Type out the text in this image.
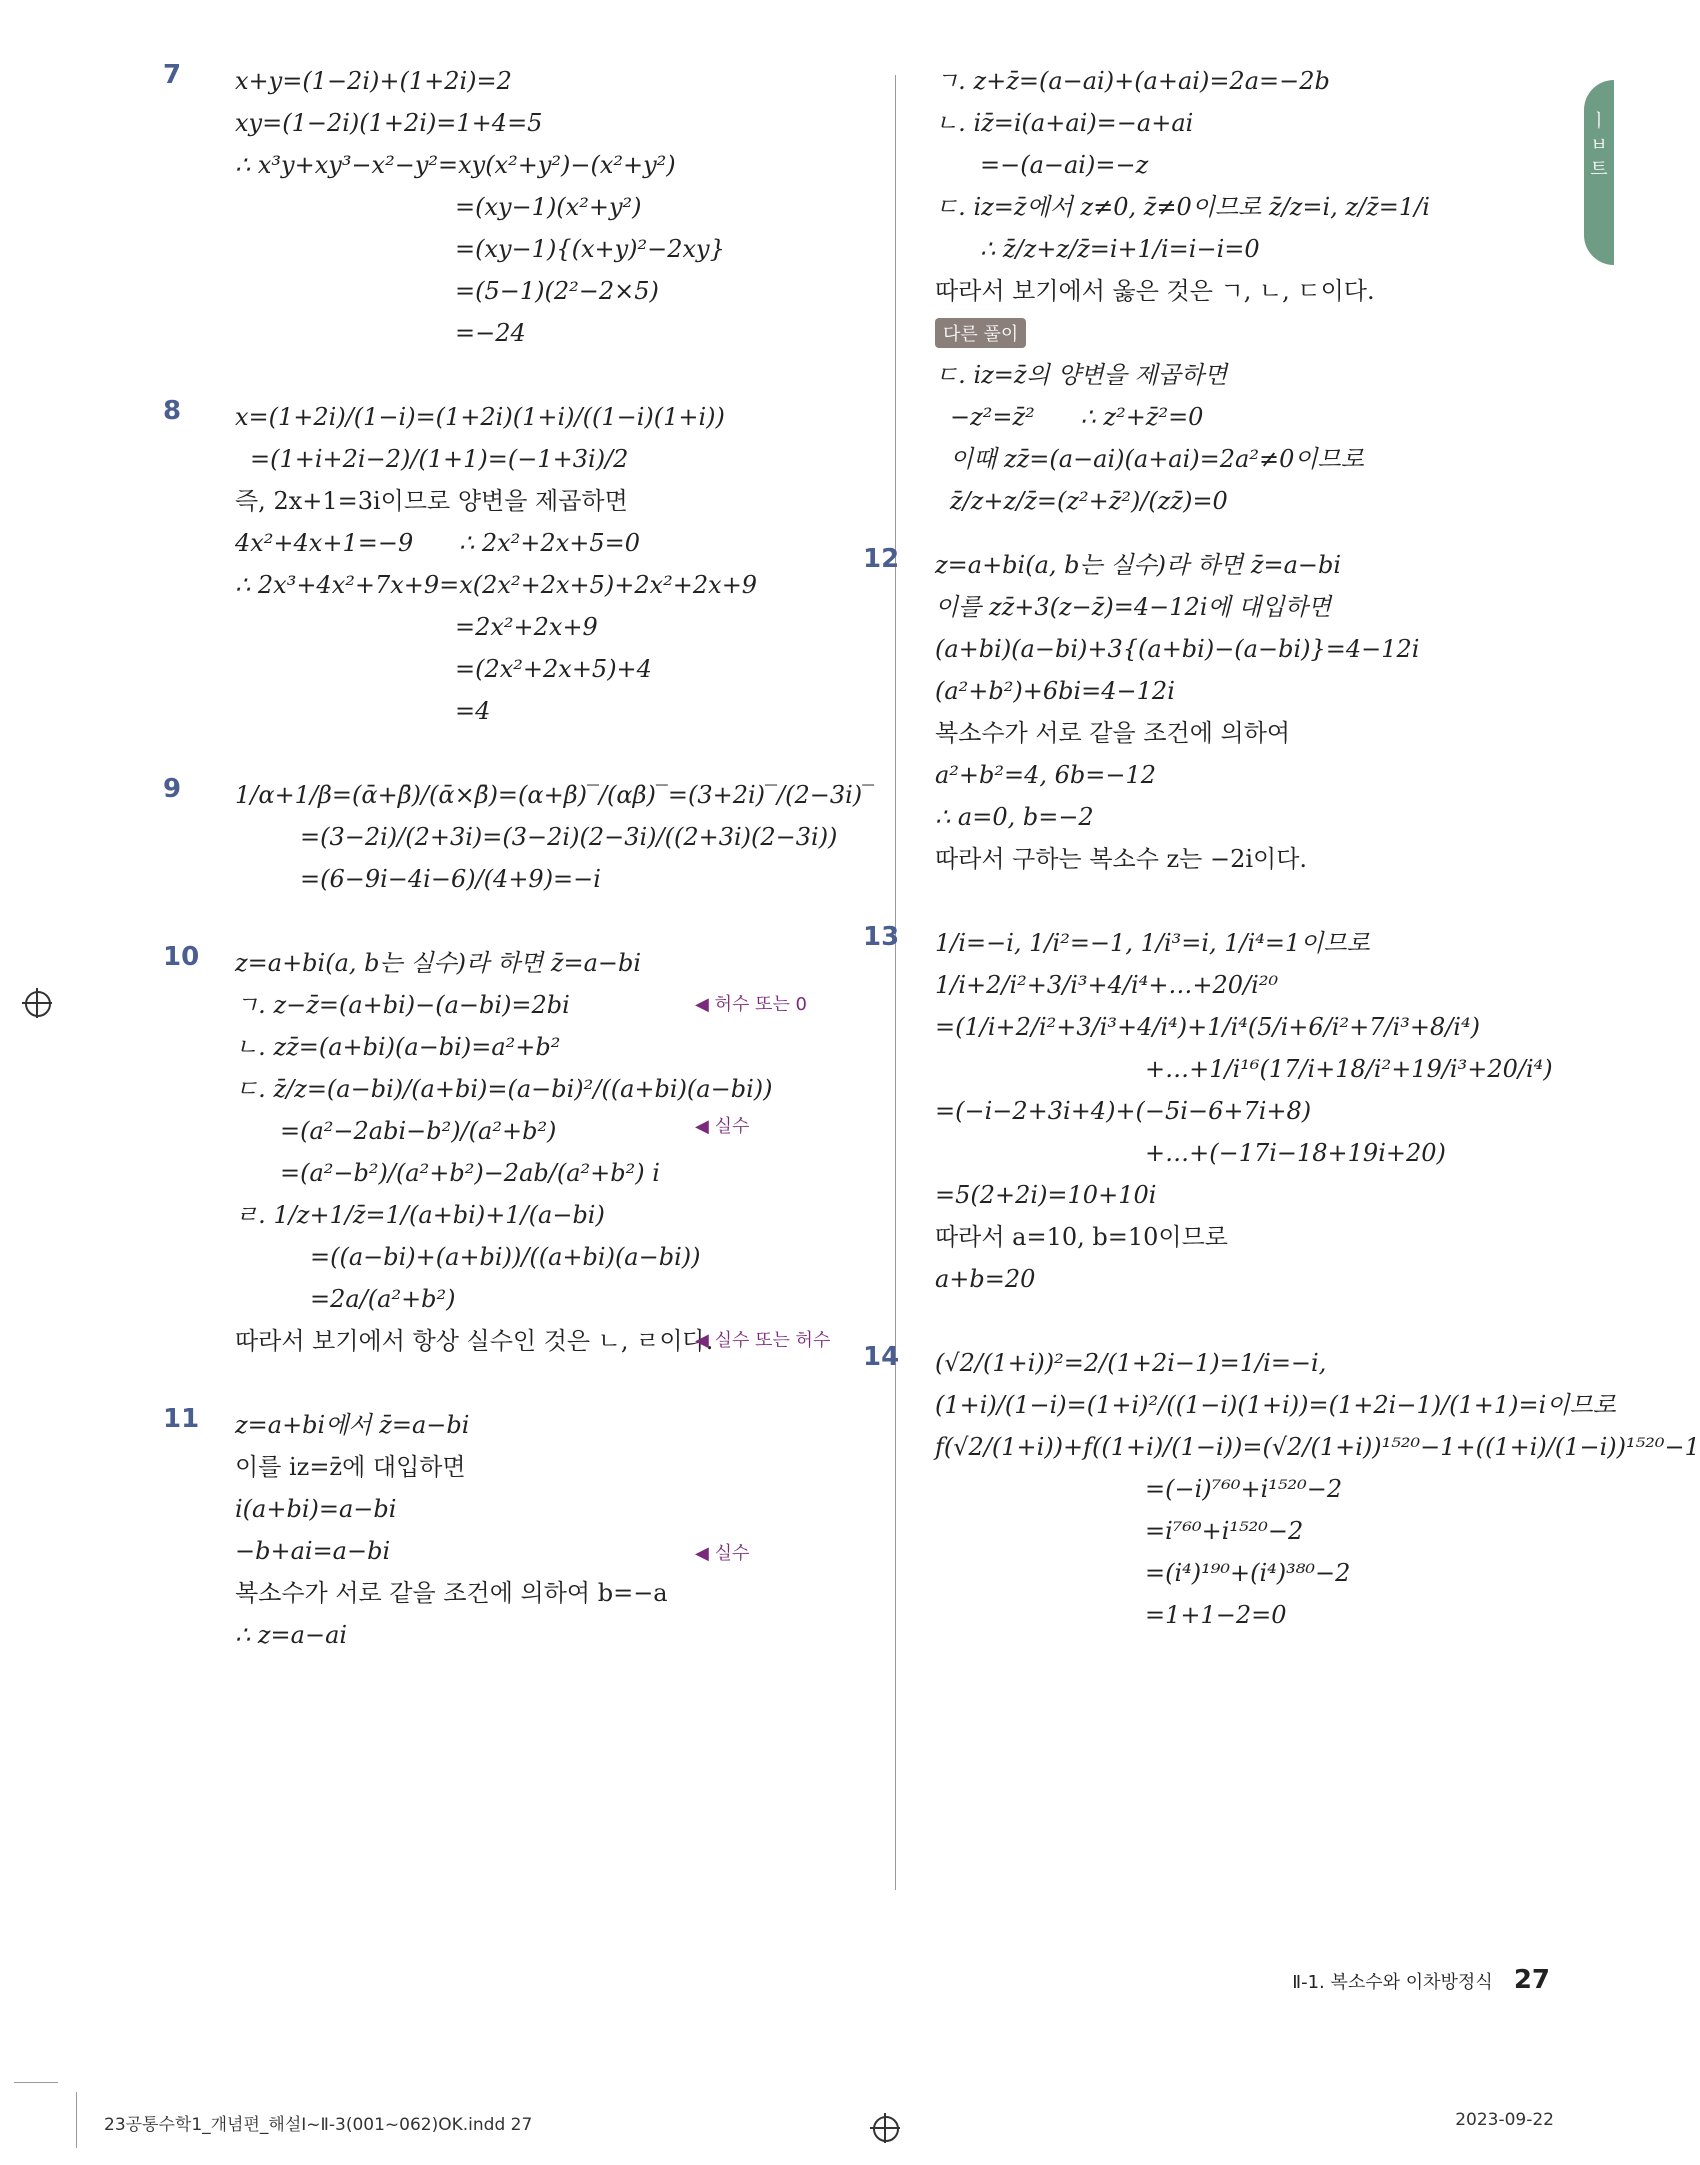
ㅣㅂ트
7 x+y=(1−2i)+(1+2i)=2
xy=(1−2i)(1+2i)=1+4=5
∴ x³y+xy³−x²−y²=xy(x²+y²)−(x²+y²)
=(xy−1)(x²+y²)
=(xy−1){(x+y)²−2xy}
=(5−1)(2²−2×5)
=−24
8 x=(1+2i)/(1−i)=(1+2i)(1+i)/((1−i)(1+i))
=(1+i+2i−2)/(1+1)=(−1+3i)/2
즉, 2x+1=3i이므로 양변을 제곱하면
4x²+4x+1=−9      ∴ 2x²+2x+5=0
∴ 2x³+4x²+7x+9=x(2x²+2x+5)+2x²+2x+9
=2x²+2x+9
=(2x²+2x+5)+4
=4
9 1/α+1/β=(ᾱ+β̄)/(ᾱ×β̄)=(α+β)‾/(αβ)‾=(3+2i)‾/(2−3i)‾
=(3−2i)/(2+3i)=(3−2i)(2−3i)/((2+3i)(2−3i))
=(6−9i−4i−6)/(4+9)=−i
10 z=a+bi(a, b는 실수)라 하면 z̄=a−bi
ㄱ. z−z̄=(a+bi)−(a−bi)=2bi	◀ 허수 또는 0
ㄴ. zz̄=(a+bi)(a−bi)=a²+b²
ㄷ. z̄/z=(a−bi)/(a+bi)=(a−bi)²/((a+bi)(a−bi))
=(a²−2abi−b²)/(a²+b²)
=(a²−b²)/(a²+b²)−2ab/(a²+b²) i
ㄹ. 1/z+1/z̄=1/(a+bi)+1/(a−bi)
=((a−bi)+(a+bi))/((a+bi)(a−bi))
=2a/(a²+b²)
따라서 보기에서 항상 실수인 것은 ㄴ, ㄹ이다.
11 z=a+bi에서 z̄=a−bi
이를 iz=z̄에 대입하면
i(a+bi)=a−bi
−b+ai=a−bi
복소수가 서로 같을 조건에 의하여 b=−a
∴ z=a−ai
◀ 실수
◀ 실수 또는 허수
◀ 실수
ㄱ. z+z̄=(a−ai)+(a+ai)=2a=−2b
ㄴ. iz̄=i(a+ai)=−a+ai
=−(a−ai)=−z
ㄷ. iz=z̄에서 z≠0, z̄≠0이므로 z̄/z=i, z/z̄=1/i
∴ z̄/z+z/z̄=i+1/i=i−i=0
따라서 보기에서 옳은 것은 ㄱ, ㄴ, ㄷ이다.
다른 풀이
ㄷ. iz=z̄의 양변을 제곱하면
−z²=z̄²      ∴ z²+z̄²=0
이때 zz̄=(a−ai)(a+ai)=2a²≠0이므로
z̄/z+z/z̄=(z²+z̄²)/(zz̄)=0
12 z=a+bi(a, b는 실수)라 하면 z̄=a−bi
이를 zz̄+3(z−z̄)=4−12i에 대입하면
(a+bi)(a−bi)+3{(a+bi)−(a−bi)}=4−12i
(a²+b²)+6bi=4−12i
복소수가 서로 같을 조건에 의하여
a²+b²=4, 6b=−12
∴ a=0, b=−2
따라서 구하는 복소수 z는 −2i이다.
13 1/i=−i, 1/i²=−1, 1/i³=i, 1/i⁴=1이므로
1/i+2/i²+3/i³+4/i⁴+…+20/i²⁰
=(1/i+2/i²+3/i³+4/i⁴)+1/i⁴(5/i+6/i²+7/i³+8/i⁴)
+…+1/i¹⁶(17/i+18/i²+19/i³+20/i⁴)
=(−i−2+3i+4)+(−5i−6+7i+8)
+…+(−17i−18+19i+20)
=5(2+2i)=10+10i
따라서 a=10, b=10이므로
a+b=20
14 (√2/(1+i))²=2/(1+2i−1)=1/i=−i,
(1+i)/(1−i)=(1+i)²/((1−i)(1+i))=(1+2i−1)/(1+1)=i이므로
f(√2/(1+i))+f((1+i)/(1−i))=(√2/(1+i))¹⁵²⁰−1+((1+i)/(1−i))¹⁵²⁰−1
=(−i)⁷⁶⁰+i¹⁵²⁰−2
=i⁷⁶⁰+i¹⁵²⁰−2
=(i⁴)¹⁹⁰+(i⁴)³⁸⁰−2
=1+1−2=0
Ⅱ-1. 복소수와 이차방정식 27
23공통수학1_개념편_해설Ⅰ~Ⅱ-3(001~062)OK.indd 27	2023-09-22
